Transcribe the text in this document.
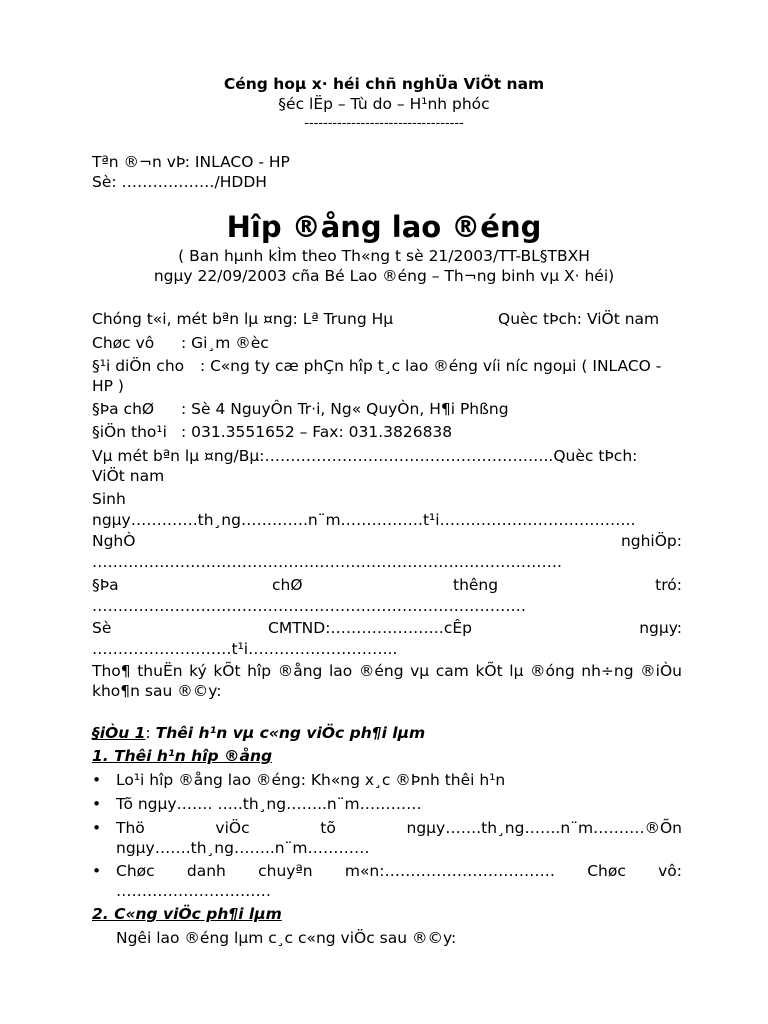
Céng hoµ x· héi chñ nghÜa ViÖt nam
§éc lËp – Tù do – H¹nh phóc
----------------------------------
Tªn ®¬n vÞ: INLACO - HP
Sè: ………………/HDDH
Hîp ®ång lao ®éng
( Ban hµnh kÌm theo Th«ng t sè 21/2003/TT-BL§TBXH
ngµy 22/09/2003 cña Bé Lao ®éng – Th¬ng binh vµ X· héi)
Chóng t«i, mét bªn lµ ¤ng: Lª Trung Hµ	Quèc tÞch: ViÖt nam
Chøc vô : Gi¸m ®èc
§¹i diÖn cho	: C«ng ty cæ phÇn hîp t¸c lao ®éng víi níc ngoµi ( INLACO - HP )
§Þa chØ : Sè 4 NguyÔn Tr·i, Ng« QuyÒn, H¶i Phßng
§iÖn tho¹i : 031.3551652 – Fax: 031.3826838
Vµ mét bªn lµ ¤ng/Bµ:………………………………………………..Quèc tÞch:
ViÖt nam
Sinh
ngµy………….th¸ng………….n¨m…………….t¹i………………………………..
NghÒ	nghiÖp:
……………………………………………………………………………….
§Þa	chØ	thêng	tró:
…………………………………………………………………………
Sè	CMTND:………………….cÊp	ngµy:
………………………t¹i………………………..
Tho¶ thuËn ký kÕt hîp ®ång lao ®éng vµ cam kÕt lµ ®óng nh÷ng ®iÒu kho¶n sau ®©y:
§iÒu 1: Thêi h¹n vµ c«ng viÖc ph¶i lµm
1. Thêi h¹n hîp ®ång
• Lo¹i hîp ®ång lao ®éng: Kh«ng x¸c ®Þnh thêi h¹n
• Tõ ngµy……. …..th¸ng……..n¨m…………
• Thö viÖc tõ ngµy…….th¸ng…….n¨m……….®Õn ngµy…….th¸ng……..n¨m…………
• Chøc danh chuyªn m«n:…………………………… Chøc vô: …………………………
2. C«ng viÖc ph¶i lµm
Ngêi lao ®éng lµm c¸c c«ng viÖc sau ®©y:
